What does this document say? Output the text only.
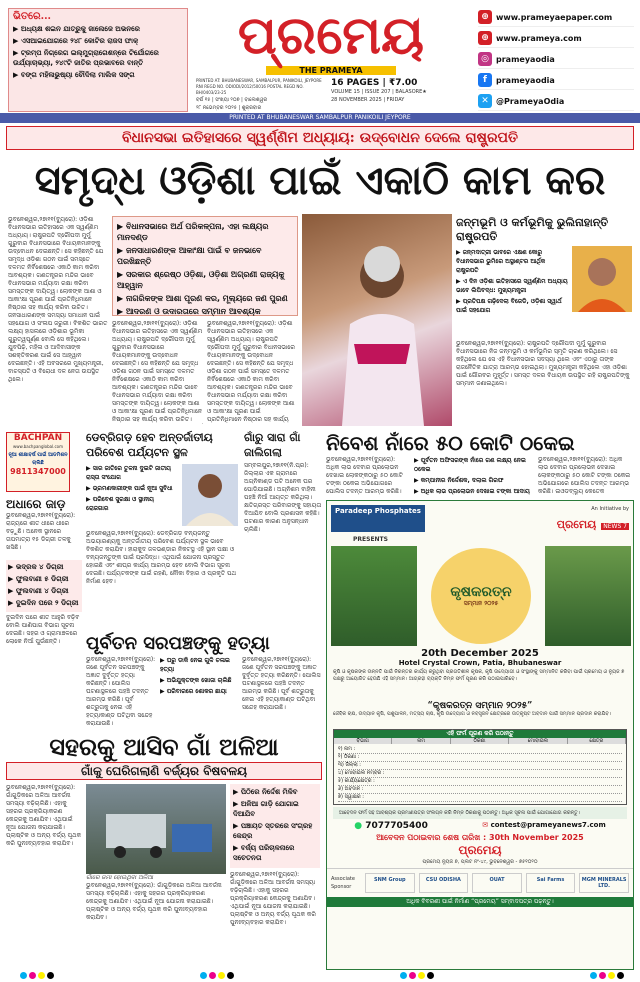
ଭିତରେ...
▶ ଅଧ୍ୟକ୍ଷ ଶଇନ ଯାତ୍ରୁକୁ ଜାଲେଜେ ଅଭନରେ
▶ ଏସଆଇଯୋଗରେ ୨୪୮ କୋଟିର ରାଜସ ଫାକ୍
▶ ଟ୍ରମ୍ପ ନିଗ୍ରେଗ ଇଲ୍ମୁଗ୍ରାଗେଶନ୍‌ରେ ଟିର୍ଯୋଗରେ ଉର୍ଯ୍ୟାଚାଭ୍ୟା, ୨୪୯ଟି ଜାତିର ପ୍ରଭାବରେ ବାନ୍ତି
▶ ବଙ୍ଗ ମହିଳାଭୁଷ୍ୟା ଚୌଦିଲା ମାଲିକ ସଙ୍ଗ
ପ୍ରମେୟ
THE PRAMEYA
PRINTED AT: BHUBANESWAR, SAMBALPUR, PANIKOILI, JEYPORE
RNI REGD NO. ODIODI/2012/50016 POSTAL REGD NO. BH/0403/23-25
ବର୍ଷ ୧୫ | ସଂଖ୍ୟା ୨୦୭ | ବାଲେଶ୍ୱର
୨୮ ନଭେମ୍ବର ୨୦୨୫ | ଶୁକ୍ରବାର
16 PAGES | ₹7.00
VOLUME 15 | ISSUE 207 | BALASORE★
28 NOVEMBER 2025 | FRIDAY
⊕ www.prameyaepaper.com
⊕ www.prameya.com
◎ prameyaodia
f	prameyaodia
✕ @PrameyaOdia
PRINTED AT BHUBANESWAR SAMBALPUR PANIKOILI JEYPORE
ବିଧାନସଭା ଇତିହାସରେ ସ୍ୱର୍ଣ୍ଣିମ ଅଧ୍ୟାୟ: ଉଦ୍‌ବୋଧନ ଦେଲେ ରାଷ୍ଟ୍ରପତି
ସମୃଦ୍ଧ ଓଡ଼ିଶା ପାଇଁ ଏକାଠି କାମ କର
ଭୁବନେଶ୍ୱର,୨୭ା୧୧(ବ୍ୟୁରୋ): ଓଡ଼ିଶା ବିଧାନସଭାର ଇତିହାସରେ ଏକ ସ୍ୱର୍ଣ୍ଣିମ ଅଧ୍ୟାୟ। ରାଷ୍ଟ୍ରପତି ଦ୍ରୌପଦୀ ମୁର୍ମୁ ଗୁରୁବାର ବିଧାନସଭାରେ ବିଧାୟକମାନଙ୍କୁ ଉଦ୍‌ବୋଧନ ଦେଇଛନ୍ତି। ସେ କହିଛନ୍ତି ଯେ ସମୃଦ୍ଧ ଓଡ଼ିଶା ଗଠନ ପାଇଁ ସମସ୍ତେ ଦଳମତ ନିର୍ବିଶେଷରେ ଏକାଠି କାମ କରିବା ଆବଶ୍ୟକ। ଗଣତନ୍ତ୍ରର ମନ୍ଦିର ଭାବେ ବିଧାନସଭାର ମର୍ଯ୍ୟାଦା ରକ୍ଷା କରିବା ସମସ୍ତଙ୍କ ଦାୟିତ୍ୱ। ଲୋକଙ୍କ ଆଶା ଓ ଆକାଂକ୍ଷା ପୂରଣ ପାଇଁ ପ୍ରତିନିଧିମାନେ ନିଷ୍ଠାର ସହ କାର୍ଯ୍ୟ କରିବା ଉଚିତ। ଜନସାଧାରଣଙ୍କ ସମସ୍ୟା ସମାଧାନ ପାଇଁ ସହଯୋଗ ଓ ସଂଳାପ ଜରୁରୀ। ବିକଶିତ ଭାରତ ଲକ୍ଷ୍ୟ ହାସଲରେ ଓଡ଼ିଶାର ଭୂମିକା ଗୁରୁତ୍ୱପୂର୍ଣ୍ଣ ବୋଲି ସେ କହିଥିଲେ। ଯୁବପିଢ଼ି, ମହିଳା ଓ ଆଦିବାସୀଙ୍କ ସଶକ୍ତିକରଣ ପାଇଁ ସେ ଆହ୍ୱାନ ଦେଇଛନ୍ତି। ଏହି ଅବସରରେ ମୁଖ୍ୟମନ୍ତ୍ରୀ, ବାଚସ୍ପତି ଓ ବିରୋଧୀ ଦଳ ନେତା ଉପସ୍ଥିତ ଥିଲେ।
ଭୁବନେଶ୍ୱର,୨୭ା୧୧(ବ୍ୟୁରୋ): ଓଡ଼ିଶା ବିଧାନସଭାର ଇତିହାସରେ ଏକ ସ୍ୱର୍ଣ୍ଣିମ ଅଧ୍ୟାୟ। ରାଷ୍ଟ୍ରପତି ଦ୍ରୌପଦୀ ମୁର୍ମୁ ଗୁରୁବାର ବିଧାନସଭାରେ ବିଧାୟକମାନଙ୍କୁ ଉଦ୍‌ବୋଧନ ଦେଇଛନ୍ତି। ସେ କହିଛନ୍ତି ଯେ ସମୃଦ୍ଧ ଓଡ଼ିଶା ଗଠନ ପାଇଁ ସମସ୍ତେ ଦଳମତ ନିର୍ବିଶେଷରେ ଏକାଠି କାମ କରିବା ଆବଶ୍ୟକ। ଗଣତନ୍ତ୍ରର ମନ୍ଦିର ଭାବେ ବିଧାନସଭାର ମର୍ଯ୍ୟାଦା ରକ୍ଷା କରିବା ସମସ୍ତଙ୍କ ଦାୟିତ୍ୱ। ଲୋକଙ୍କ ଆଶା ଓ ଆକାଂକ୍ଷା ପୂରଣ ପାଇଁ ପ୍ରତିନିଧିମାନେ ନିଷ୍ଠାର ସହ କାର୍ଯ୍ୟ କରିବା ଉଚିତ।
ଭୁବନେଶ୍ୱର,୨୭ା୧୧(ବ୍ୟୁରୋ): ଓଡ଼ିଶା ବିଧାନସଭାର ଇତିହାସରେ ଏକ ସ୍ୱର୍ଣ୍ଣିମ ଅଧ୍ୟାୟ। ରାଷ୍ଟ୍ରପତି ଦ୍ରୌପଦୀ ମୁର୍ମୁ ଗୁରୁବାର ବିଧାନସଭାରେ ବିଧାୟକମାନଙ୍କୁ ଉଦ୍‌ବୋଧନ ଦେଇଛନ୍ତି। ସେ କହିଛନ୍ତି ଯେ ସମୃଦ୍ଧ ଓଡ଼ିଶା ଗଠନ ପାଇଁ ସମସ୍ତେ ଦଳମତ ନିର୍ବିଶେଷରେ ଏକାଠି କାମ କରିବା ଆବଶ୍ୟକ। ଗଣତନ୍ତ୍ରର ମନ୍ଦିର ଭାବେ ବିଧାନସଭାର ମର୍ଯ୍ୟାଦା ରକ୍ଷା କରିବା ସମସ୍ତଙ୍କ ଦାୟିତ୍ୱ। ଲୋକଙ୍କ ଆଶା ଓ ଆକାଂକ୍ଷା ପୂରଣ ପାଇଁ ପ୍ରତିନିଧିମାନେ ନିଷ୍ଠାର ସହ କାର୍ଯ୍ୟ
▶ ବିଧାନସଭାରେ ଅର୍ଥ ପରିକଳ୍ପନା, ଏହା ଲକ୍ଷ୍ୟର ମାନଦଣ୍ଡ
▶ ଜନସାଧାରଣଙ୍କ ଆକାଂକ୍ଷା ପାଇଁ ବ ଜନଭାବେ ପରଖିଛନ୍ତି
▶ ସରକାର ଶ୍ରେଷ୍ଠ ଓଡ଼ିଶା, ଓଡ଼ିଶା ଅଗ୍ରଣୀ ରାଜ୍ୟକୁ ଆହ୍ୱାନ
▶ ନାଗରିକଙ୍କ ଆଶା ପୂରଣ କର, ମୂଲ୍ୟରେ ଜଣ ପୁରଣ
▶ ଆଦରଣ ଓ ଉଦାରତାରେ ସମ୍ମାନ ଆବଶ୍ୟକ
ଜନ୍ମଭୂମି ଓ କର୍ମଭୂମିକୁ ଭୁଲିନାହାନ୍ତି ରାଷ୍ଟ୍ରପତି
▶ ଜନ୍ମଦାତ୍ରୀ ଭାବରେ ଏକ୍ଷଣ କୋରୁ ବିଧାନସଭାର ଭୁମିରେ ଅସ୍ଥାଣ୍ଟର ଆର୍ଥିକ ରାଷ୍ଟ୍ରପତି
▶ ଏ ଦିନ ଓଡ଼ିଶା ଇତିହାସରେ ସ୍ୱର୍ଣ୍ଣିମ ଅଧ୍ୟାୟ ଭାବେ ଲିପିବଦ୍ଧ: ମୁଖ୍ୟମନ୍ତ୍ରୀ
▶ ପ୍ରତିପକ୍ଷ ଗଢ଼ିଦେଲା ବିଜେଡି, ଓଡ଼ିଶା ସ୍ୱାର୍ଥ ପାଇଁ ସହଯୋଗ
ଭୁବନେଶ୍ୱର,୨୭ା୧୧(ବ୍ୟୁରୋ): ରାଷ୍ଟ୍ରପତି ଦ୍ରୌପଦୀ ମୁର୍ମୁ ଗୁରୁବାର ବିଧାନସଭାରେ ନିଜ ଜନ୍ମଭୂମି ଓ କର୍ମଭୂମିର ସ୍ମୃତି ଚାରଣ କରିଥିଲେ। ସେ କହିଥିଲେ ଯେ ସେ ଏହି ବିଧାନସଭାର ସଦସ୍ୟା ଥିଲେ ଏବଂ ଏଠାରୁ ତାଙ୍କ ରାଜନୈତିକ ଯାତ୍ରା ଆରମ୍ଭ ହୋଇଥିଲା। ମୁଖ୍ୟମନ୍ତ୍ରୀ କହିଥିଲେ ଏହା ଓଡ଼ିଶା ପାଇଁ ଗୌରବର ମୁହୂର୍ତ୍ତ। ସମସ୍ତ ଦଳର ବିଧାୟକ ଉପସ୍ଥିତ ରହି ରାଷ୍ଟ୍ରପତିଙ୍କୁ ସମ୍ମାନ ଜଣାଇଥିଲେ।
BACHPAN
www.bachpanglobal.com
ନୂଆ ଶୀକ୍ଷାବର୍ଷ ପାଇଁ ଆଡମିଶନ ଚାଲିଛି
9811347000
ଅଧାରେ ଜାଡ଼
ଭୁବନେଶ୍ୱର,୨୭ା୧୧(ବ୍ୟୁରୋ): ରାଜ୍ୟରେ ଶୀତ ଧୀରେ ଧୀରେ ବଢ଼ୁଛି। ଅନେକ ସ୍ଥାନରେ ତାପମାତ୍ରା ୧୫ ଡିଗ୍ରୀ ତଳକୁ ଖସିଛି।
▶ ଭଦ୍ରକ ୪ ଡିଗ୍ରୀ
▶ ଫୁଲବାଣୀ ୫ ଡିଗ୍ରୀ
▶ ଫୁଲବାଣୀ ୪ ଡିଗ୍ରୀ
▶ ଦୁଇଦିନ ପରେ ୨ ଡିଗ୍ରୀ
ଦୁଇଦିନ ପରେ ଶୀତ ଆହୁରି ବଢ଼ିବ ବୋଲି ପାଣିପାଗ ବିଭାଗ ସୂଚନା ଦେଇଛି। ସହର ଓ ଗ୍ରାମାଞ୍ଚଳରେ ଲୋକେ ନିଆଁ ପୁଉଁଛନ୍ତି।
ଡେବ୍ରିଗଡ଼ ହେବ ଅନ୍ତର୍ଜାତୀୟ ପରିବେଶ ପର୍ଯ୍ୟଟନ ସ୍ଥଳ
▶ ସାର ଜାତିରେ ତୁଳନା ଦୁଇଟି ଜାତୀୟ ରାସ୍ତା ସଂଯୋଗ
▶ ଭ୍ରମଣକାରୀଙ୍କ ପାଇଁ ନୂଆ ସୁବିଧା
▶ ପରିବେଶ ସୁରକ୍ଷା ଓ ସ୍ଥାନୀୟ ରୋଜଗାର
ଭୁବନେଶ୍ୱର,୨୭ା୧୧(ବ୍ୟୁରୋ): ଡେବ୍ରିଗଡ଼ ବନ୍ୟଜନ୍ତୁ ଅଭୟାରଣ୍ୟକୁ ଅନ୍ତର୍ଜାତୀୟ ପରିବେଶ ପର୍ଯ୍ୟଟନ ସ୍ଥଳ ଭାବେ ବିକଶିତ କରାଯିବ। ହୀରାକୁଦ ଜଳଭଣ୍ଡାର ନିକଟସ୍ଥ ଏହି ସ୍ଥାନ ପକ୍ଷୀ ଓ ବନ୍ୟଜନ୍ତୁଙ୍କ ପାଇଁ ପ୍ରସିଦ୍ଧ। ଏଥିପାଇଁ ଯୋଜନା ପ୍ରସ୍ତୁତ ହୋଇଛି ଏବଂ ଶୀଘ୍ର କାର୍ଯ୍ୟ ଆରମ୍ଭ ହେବ ବୋଲି ବିଭାଗ ସୂଚନା ଦେଇଛି। ପର୍ଯ୍ୟଟକଙ୍କ ପାଇଁ ରହଣି, ନୌକା ବିହାର ଓ ପ୍ରକୃତି ପଥ ନିର୍ମାଣ ହେବ।
ଗାଁରୁ ସାରା ଗାଁ ଜାଲିଗଲା
ସମ୍ବଲପୁର,୨୭ା୧୧(ନି.ପ୍ର): ଜିଲ୍ଲାର ଏକ ଗ୍ରାମରେ ଅଗ୍ନିକାଣ୍ଡ ଘଟି ଅନେକ ଘର ପୋଡ଼ିଯାଇଛି। ଅଗ୍ନିଶମ ବାହିନୀ ପହଞ୍ଚି ନିଆଁ ଆୟତ୍ତ କରିଥିଲା। କ୍ଷତିଗ୍ରସ୍ତ ପରିବାରଙ୍କୁ ସହାୟତା ଦିଆଯିବ ବୋଲି ପ୍ରଶାସନ କହିଛି। ଘଟଣାର କାରଣ ଅନୁସନ୍ଧାନ ଚାଲିଛି।
ନିବେଶ ନାଁରେ ୫୦ କୋଟି ଠକେଇ
ଭୁବନେଶ୍ୱର,୨୭ା୧୧(ବ୍ୟୁରୋ): ଅଧିକ ଲାଭ ଦେବାର ପ୍ରଲୋଭନ ଦେଖାଇ ଲୋକଙ୍କଠାରୁ ୫୦ କୋଟି ଟଙ୍କା ଠକେଇ ଅଭିଯୋଗରେ ପୋଲିସ ତଦନ୍ତ ଆରମ୍ଭ କରିଛି।
▶ ପୂର୍ବତନ ଅଫିସରଙ୍କ ନାଁରେ ଗଣ ଲକ୍ଷ୍ୟ ନେଇ ଠକେଇ
▶ କମ୍ପାନୀର ନିର୍ଦ୍ଦେଶକ, ଦଲାଲ ଗିରଫ
▶ ଅଧିକ ଲାଭ ପ୍ରଲୋଭନ ଦେଖାଇ ଟଙ୍କା ଆଦାୟ
ଭୁବନେଶ୍ୱର,୨୭ା୧୧(ବ୍ୟୁରୋ): ଅଧିକ ଲାଭ ଦେବାର ପ୍ରଲୋଭନ ଦେଖାଇ ଲୋକଙ୍କଠାରୁ ୫୦ କୋଟି ଟଙ୍କା ଠକେଇ ଅଭିଯୋଗରେ ପୋଲିସ ତଦନ୍ତ ଆରମ୍ଭ କରିଛି। ଇଓଡବ୍ଲ୍ୟୁ କେତେକ
Paradeep Phosphates	An Initiative by
ପ୍ରମେୟ NEWS 7
PRESENTS
କୃଷକରତ୍ନ
ସମ୍ମାନ ୨୦୨୫
20th December 2025
Hotel Crystal Crown, Patia, Bhubaneswar
କୃଷି ଓ କୃଷକଙ୍କ ଉନ୍ନତି ପାଇଁ ନିରନ୍ତର କାର୍ଯ୍ୟ କରୁଥିବା ପ୍ରଗତିଶୀଳ କୃଷକ, କୃଷି ଉଦ୍ୟୋଗୀ ଓ ସଂସ୍ଥାଙ୍କୁ ସମ୍ମାନିତ କରିବା ପାଇଁ ପ୍ରମେୟ ଓ ନ୍ୟୁଜ ୭ ପକ୍ଷରୁ ଆୟୋଜିତ ହେଉଛି ଏହି ସମ୍ମାନ। ଆଗ୍ରହୀ ବ୍ୟକ୍ତି ନିମ୍ନ ଫର୍ମ ପୂରଣ କରି ପଠାଇପାରିବେ।
“କୃଷକରତ୍ନ ସମ୍ମାନ ୨୦୨୫”
ଜୈବିକ ଚାଷ, ଉଦ୍ୟାନ କୃଷି, ପଶୁପାଳନ, ମତ୍ସ୍ୟ ଚାଷ, କୃଷି ଉଦ୍ୟୋଗ ଓ ନବସୃଜନ କ୍ଷେତ୍ରରେ ଉତ୍କୃଷ୍ଟ ଅବଦାନ ପାଇଁ ସମ୍ମାନ ପ୍ରଦାନ କରାଯିବ।
ଏହି ଫର୍ମ ପୂରଣ କରି ପଠାନ୍ତୁ
ବିଭାଗ	ନାମ	ଠିକଣା	ମୋବାଇଲ	କ୍ଷେତ୍ର
୧) ନାମ :
୨) ଠିକଣା :
୩) ଜିଲ୍ଲା :
୪) ମୋବାଇଲ ନମ୍ବର :
୫) କାର୍ଯ୍ୟକ୍ଷେତ୍ର :
୬) ଅବଦାନ :
୭) ସ୍ୱାକ୍ଷର :
ଆବେଦନ ଫର୍ମ ସହ ଆବଶ୍ୟକ ପ୍ରମାଣପତ୍ର ସଂଲଗ୍ନ କରି ନିମ୍ନ ଠିକଣାକୁ ପଠାନ୍ତୁ। ଅଧିକ ସୂଚନା ପାଇଁ ଯୋଗାଯୋଗ କରନ୍ତୁ।
● 7077705400	✉ contest@prameyanews7.com
ଆବେଦନ ପଠାଇବାର ଶେଷ ତାରିଖ : 30th November 2025
ପ୍ରମେୟ
ପ୍ରମେୟ ନ୍ୟୁଜ ୭, ପ୍ଲଟ ନଂ-୪୯, ଭୁବନେଶ୍ୱର - ୭୫୧୦୨୦
Associate Sponsor
SNM Group	CSU ODISHA	OUAT	Sai Farms	MGM MINERALS LTD.
ଅଧିକ ବିବରଣୀ ପାଇଁ ନିର୍ମାଣ “ପ୍ରମେୟ” ସମ୍ବାଦପତ୍ର ପଢ଼ନ୍ତୁ।
ପୂର୍ବତନ ସରପଞ୍ଚଙ୍କୁ ହତ୍ୟା
ଭୁବନେଶ୍ୱର,୨୭ା୧୧(ବ୍ୟୁରୋ): ଜଣେ ପୂର୍ବତନ ସରପଞ୍ଚଙ୍କୁ ଅଜ୍ଞାତ ଦୁର୍ବୃତ୍ତ ହତ୍ୟା କରିଛନ୍ତି। ପୋଲିସ ଘଟଣାସ୍ଥଳରେ ପହଞ୍ଚି ତଦନ୍ତ ଆରମ୍ଭ କରିଛି। ପୂର୍ବ ଶତ୍ରୁତାକୁ ନେଇ ଏହି ହତ୍ୟାକାଣ୍ଡ ଘଟିଥିବା ସନ୍ଦେହ କରାଯାଉଛି।
▶ ଘରୁ ଡାକି ନେଇ ଗୁଳି ଚଳାଇ ହତ୍ୟା
▶ ଅଭିଯୁକ୍ତଙ୍କ ଖୋଜା ଚାଲିଛି
▶ ପରିବାରରେ ଶୋକର ଛାୟା
ଭୁବନେଶ୍ୱର,୨୭ା୧୧(ବ୍ୟୁରୋ): ଜଣେ ପୂର୍ବତନ ସରପଞ୍ଚଙ୍କୁ ଅଜ୍ଞାତ ଦୁର୍ବୃତ୍ତ ହତ୍ୟା କରିଛନ୍ତି। ପୋଲିସ ଘଟଣାସ୍ଥଳରେ ପହଞ୍ଚି ତଦନ୍ତ ଆରମ୍ଭ କରିଛି। ପୂର୍ବ ଶତ୍ରୁତାକୁ ନେଇ ଏହି ହତ୍ୟାକାଣ୍ଡ ଘଟିଥିବା ସନ୍ଦେହ କରାଯାଉଛି।
ସହରକୁ ଆସିବ ଗାଁ ଅଳିଆ
ଗାଁକୁ ଘେରିଗଲାଣି ବର୍ଜ୍ୟର ବିଷବଳୟ
ଭୁବନେଶ୍ୱର,୨୭ା୧୧(ବ୍ୟୁରୋ): ଗାଁଗୁଡ଼ିକରେ ଅଳିଆ ଆବର୍ଜନା ସମସ୍ୟା ବଢ଼ିଚାଲିଛି। ଏହାକୁ ସହରର ପ୍ରକ୍ରିୟାକରଣ କେନ୍ଦ୍ରକୁ ଅଣାଯିବ। ଏଥିପାଇଁ ନୂଆ ଯୋଜନା କରାଯାଇଛି। ପ୍ଲାଷ୍ଟିକ ଓ ଅନ୍ୟ ବର୍ଜ୍ୟ ପୃଥକ କରି ପୁନଃବ୍ୟବହାର କରାଯିବ।
ଗାଁରେ ଜମା ହୋଇଥିବା ଅଳିଆ
ଭୁବନେଶ୍ୱର,୨୭ା୧୧(ବ୍ୟୁରୋ): ଗାଁଗୁଡ଼ିକରେ ଅଳିଆ ଆବର୍ଜନା ସମସ୍ୟା ବଢ଼ିଚାଲିଛି। ଏହାକୁ ସହରର ପ୍ରକ୍ରିୟାକରଣ କେନ୍ଦ୍ରକୁ ଅଣାଯିବ। ଏଥିପାଇଁ ନୂଆ ଯୋଜନା କରାଯାଇଛି। ପ୍ଲାଷ୍ଟିକ ଓ ଅନ୍ୟ ବର୍ଜ୍ୟ ପୃଥକ କରି ପୁନଃବ୍ୟବହାର କରାଯିବ।
▶ ପିଠିରେ ନିର୍ଦ୍ଦେଶ ମିଳିବ
▶ ଅଳିଆ ଗାଡ଼ି ଯୋଗାଇ ଦିଆଯିବ
▶ ପଞ୍ଚାୟତ ସ୍ତରରେ ସଂଗ୍ରହ କେନ୍ଦ୍ର
▶ ବର୍ଜ୍ୟ ପରିଚାଳନାରେ ସଚେତନତା
ଭୁବନେଶ୍ୱର,୨୭ା୧୧(ବ୍ୟୁରୋ): ଗାଁଗୁଡ଼ିକରେ ଅଳିଆ ଆବର୍ଜନା ସମସ୍ୟା ବଢ଼ିଚାଲିଛି। ଏହାକୁ ସହରର ପ୍ରକ୍ରିୟାକରଣ କେନ୍ଦ୍ରକୁ ଅଣାଯିବ। ଏଥିପାଇଁ ନୂଆ ଯୋଜନା କରାଯାଇଛି। ପ୍ଲାଷ୍ଟିକ ଓ ଅନ୍ୟ ବର୍ଜ୍ୟ ପୃଥକ କରି ପୁନଃବ୍ୟବହାର କରାଯିବ।
